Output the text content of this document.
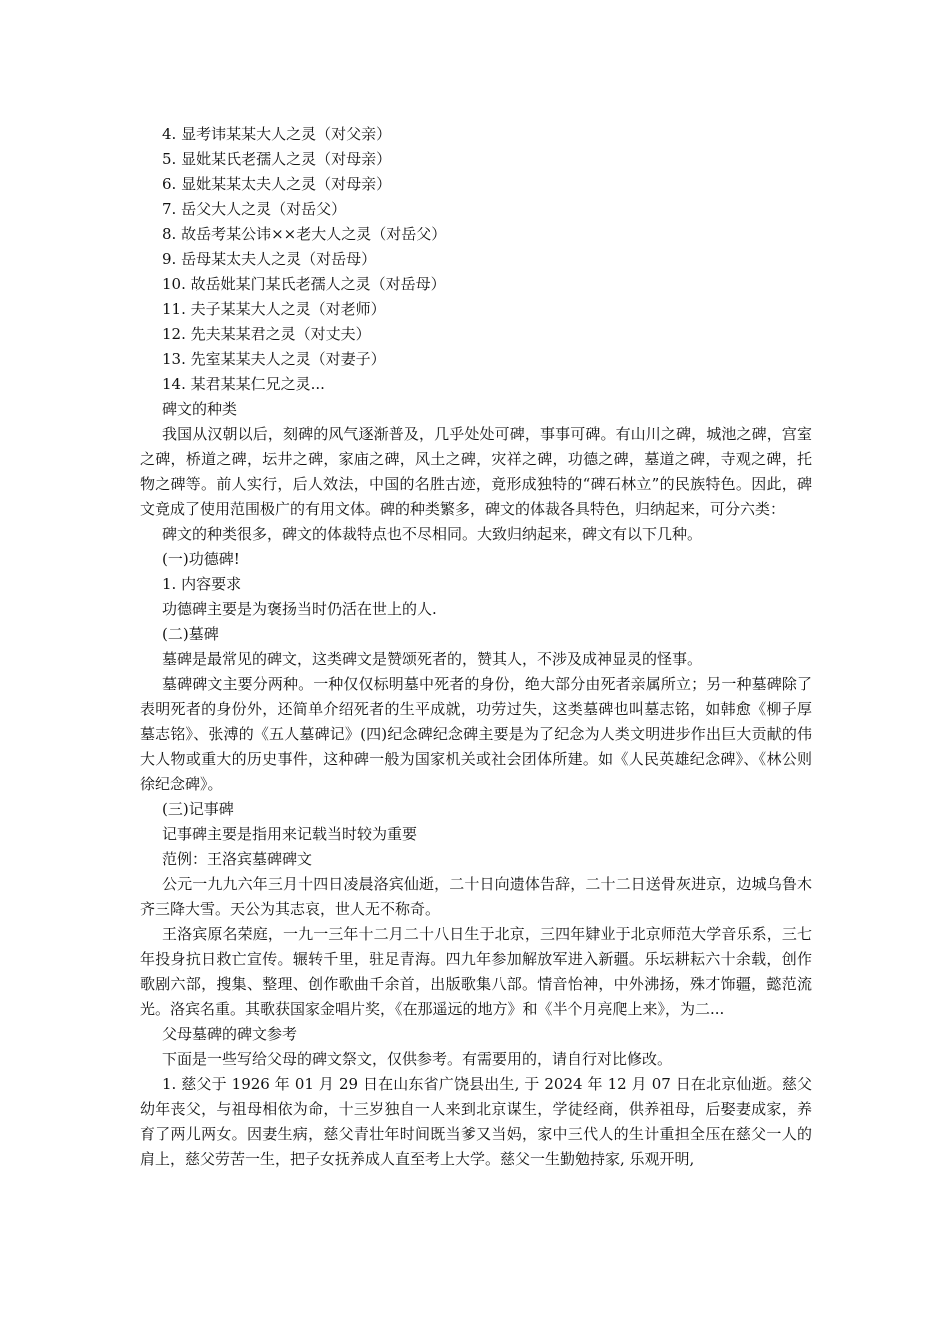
4. 显考讳某某大人之灵（对父亲）

5. 显妣某氏老孺人之灵（对母亲）

6. 显妣某某太夫人之灵（对母亲）

7. 岳父大人之灵（对岳父）

8. 故岳考某公讳××老大人之灵（对岳父）

9. 岳母某太夫人之灵（对岳母）

10. 故岳妣某门某氏老孺人之灵（对岳母）

11. 夫子某某大人之灵（对老师）

12. 先夫某某君之灵（对丈夫）

13. 先室某某夫人之灵（对妻子）

14. 某君某某仁兄之灵...

碑文的种类

我国从汉朝以后，刻碑的风气逐渐普及，几乎处处可碑，事事可碑。有山川之碑，城池之碑，宫室之碑，桥道之碑，坛井之碑，家庙之碑，风土之碑，灾祥之碑，功德之碑，墓道之碑，寺观之碑，托物之碑等。前人实行，后人效法，中国的名胜古迹，竟形成独特的“碑石林立”的民族特色。因此，碑文竟成了使用范围极广的有用文体。碑的种类繁多，碑文的体裁各具特色，归纳起来，可分六类：

碑文的种类很多，碑文的体裁特点也不尽相同。大致归纳起来，碑文有以下几种。

(一)功德碑!

1. 内容要求

功德碑主要是为褒扬当时仍活在世上的人.

(二)墓碑

墓碑是最常见的碑文，这类碑文是赞颂死者的，赞其人，不涉及成神显灵的怪事。

墓碑碑文主要分两种。一种仅仅标明墓中死者的身份，绝大部分由死者亲属所立；另一种墓碑除了表明死者的身份外，还简单介绍死者的生平成就，功劳过失，这类墓碑也叫墓志铭，如韩愈《柳子厚墓志铭》、张溥的《五人墓碑记》(四)纪念碑纪念碑主要是为了纪念为人类文明进步作出巨大贡献的伟大人物或重大的历史事件，这种碑一般为国家机关或社会团体所建。如《人民英雄纪念碑》、《林公则徐纪念碑》。

(三)记事碑

记事碑主要是指用来记载当时较为重要

范例：王洛宾墓碑碑文

公元一九九六年三月十四日凌晨洛宾仙逝，二十日向遗体告辞，二十二日送骨灰进京，边城乌鲁木齐三降大雪。天公为其志哀，世人无不称奇。

王洛宾原名荣庭，一九一三年十二月二十八日生于北京，三四年肄业于北京师范大学音乐系，三七年投身抗日救亡宣传。辗转千里，驻足青海。四九年参加解放军进入新疆。乐坛耕耘六十余载，创作歌剧六部，搜集、整理、创作歌曲千余首，出版歌集八部。情音怡神，中外沸扬，殊才饰疆，懿范流光。洛宾名重。其歌获国家金唱片奖，《在那遥远的地方》和《半个月亮爬上来》，为二...

父母墓碑的碑文参考

下面是一些写给父母的碑文祭文，仅供参考。有需要用的，请自行对比修改。

1. 慈父于 1926 年 01 月 29 日在山东省广饶县出生, 于 2024 年 12 月 07 日在北京仙逝。慈父幼年丧父，与祖母相依为命，十三岁独自一人来到北京谋生，学徒经商，供养祖母，后娶妻成家，养育了两儿两女。因妻生病，慈父青壮年时间既当爹又当妈，家中三代人的生计重担全压在慈父一人的肩上，慈父劳苦一生，把子女抚养成人直至考上大学。慈父一生勤勉持家, 乐观开明,
